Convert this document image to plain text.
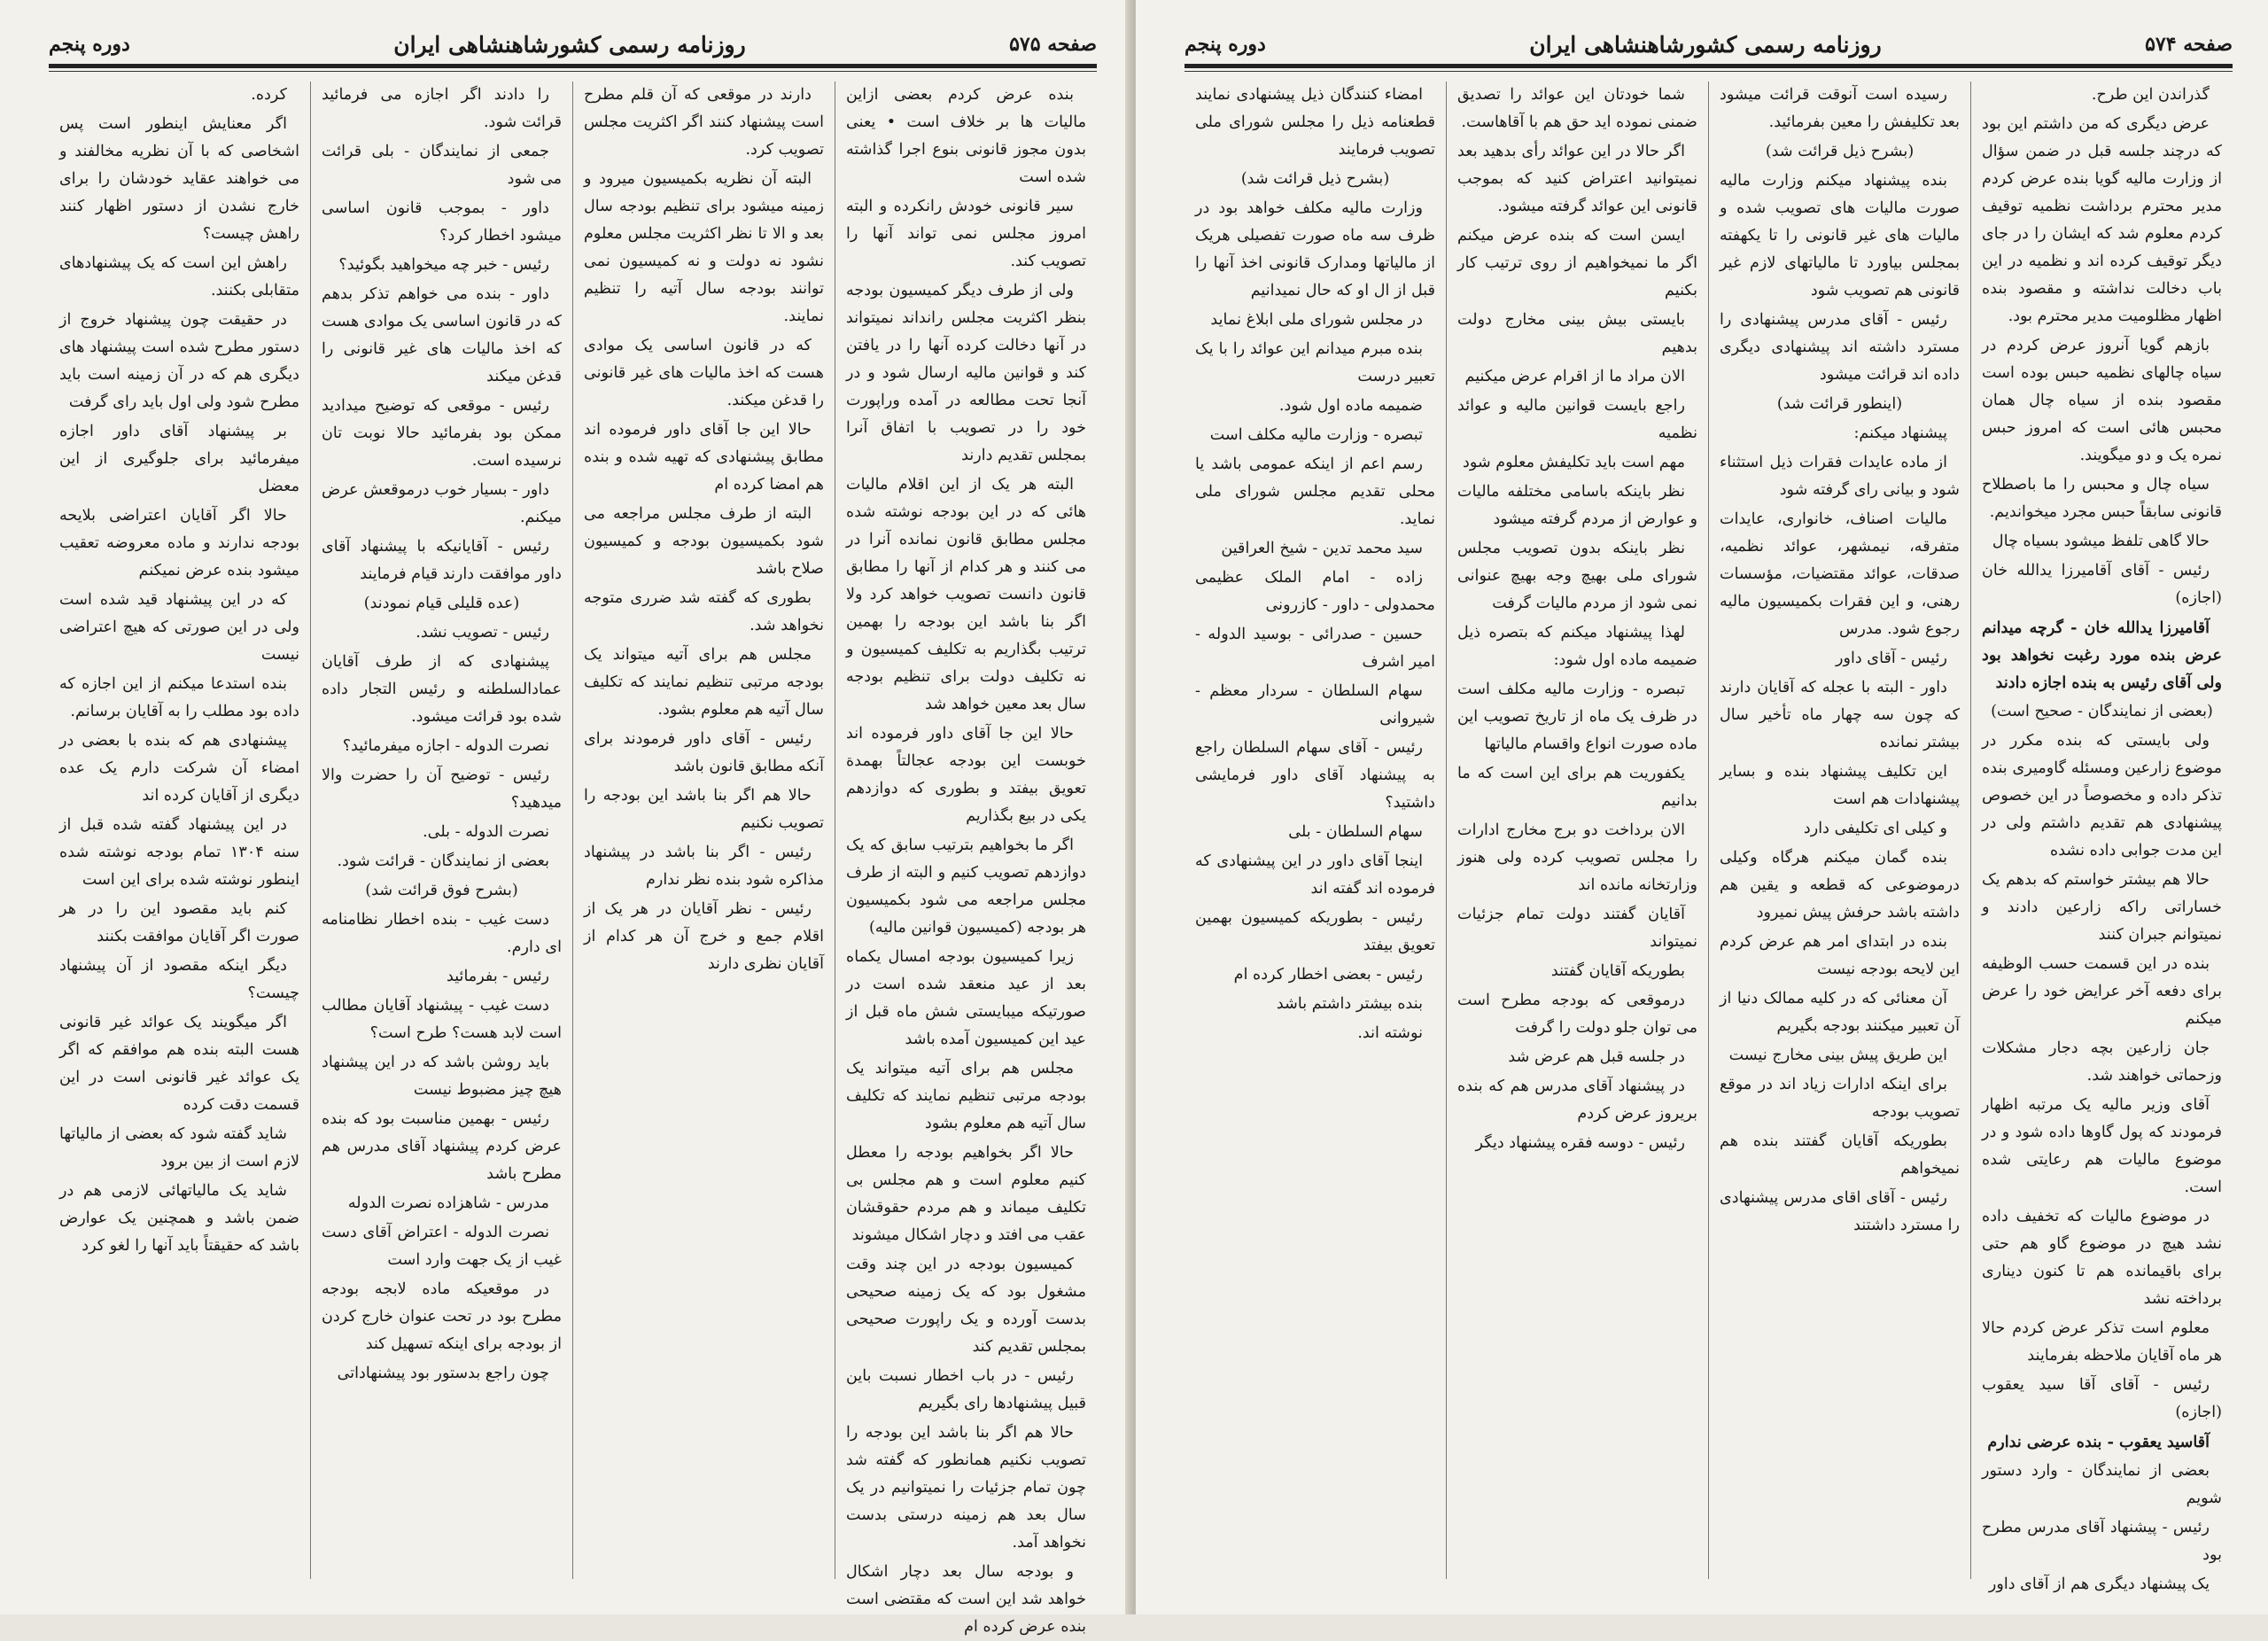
صفحه ۵۷۵
روزنامه رسمی کشورشاهنشاهی ایران
دوره پنجم

بنده عرض کردم بعضی ازاین مالیات ها بر خلاف است • یعنی بدون مجوز قانونی بنوع اجرا گذاشته شده است

سیر قانونی خودش رانکرده و البته امروز مجلس نمی تواند آنها را تصویب کند.

ولی از طرف دیگر کمیسیون بودجه بنظر اکثریت مجلس رانداند نمیتواند در آنها دخالت کرده آنها را در یافتن کند و قوانین مالیه ارسال شود و در آنجا تحت مطالعه در آمده وراپورت خود را در تصویب با اتفاق آنرا بمجلس تقدیم دارند

البته هر یک از این اقلام مالیات هائی که در این بودجه نوشته شده مجلس مطابق قانون نمانده آنرا در می کنند و هر کدام از آنها را مطابق قانون دانست تصویب خواهد کرد ولا اگر بنا باشد این بودجه را بهمین ترتیب بگذاریم به تکلیف کمیسیون و نه تکلیف دولت برای تنظیم بودجه سال بعد معین خواهد شد

حالا این جا آقای داور فرموده اند خوبست این بودجه عجالتاً بهمدة تعویق بیفتد و بطوری که دوازدهم یکی در بیع بگذاریم

اگر ما بخواهیم بترتیب سابق که یک دوازدهم تصویب کنیم و البته از طرف مجلس مراجعه می شود بکمیسیون هر بودجه (کمیسیون قوانین مالیه)

زیرا کمیسیون بودجه امسال یکماه بعد از عید منعقد شده است در صورتیکه میبایستی شش ماه قبل از عید این کمیسیون آمده باشد

مجلس هم برای آتیه میتواند یک بودجه مرتبی تنظیم نمایند که تکلیف سال آتیه هم معلوم بشود

حالا اگر بخواهیم بودجه را معطل کنیم معلوم است و هم مجلس بی تکلیف میماند و هم مردم حقوقشان عقب می افتد و دچار اشکال میشوند

کمیسیون بودجه در این چند وقت مشغول بود که یک زمینه صحیحی بدست آورده و یک راپورت صحیحی بمجلس تقدیم کند

رئیس - در باب اخطار نسبت باین قبیل پیشنهادها رای بگیریم

حالا هم اگر بنا باشد این بودجه را تصویب نکنیم همانطور که گفته شد چون تمام جزئیات را نمیتوانیم در یک سال بعد هم زمینه درستی بدست نخواهد آمد.

و بودجه سال بعد دچار اشکال خواهد شد این است که مقتضی است بنده عرض کرده ام

دارند در موقعی که آن قلم مطرح است پیشنهاد کنند اگر اکثریت مجلس تصویب کرد.

البته آن نظریه بکمیسیون میرود و زمینه میشود برای تنظیم بودجه سال بعد و الا تا نظر اکثریت مجلس معلوم نشود نه دولت و نه کمیسیون نمی توانند بودجه سال آتیه را تنظیم نمایند.

که در قانون اساسی یک موادی هست که اخذ مالیات های غیر قانونی را قدغن میکند.

حالا این جا آقای داور فرموده اند مطابق پیشنهادی که تهیه شده و بنده هم امضا کرده ام

البته از طرف مجلس مراجعه می شود بکمیسیون بودجه و کمیسیون صلاح باشد

بطوری که گفته شد ضرری متوجه نخواهد شد.

مجلس هم برای آتیه میتواند یک بودجه مرتبی تنظیم نمایند که تکلیف سال آتیه هم معلوم بشود.

رئیس - آقای داور فرمودند برای آنکه مطابق قانون باشد

حالا هم اگر بنا باشد این بودجه را تصویب نکنیم

رئیس - اگر بنا باشد در پیشنهاد مذاکره شود بنده نظر ندارم

رئیس - نظر آقایان در هر یک از اقلام جمع و خرج آن هر کدام از آقایان نظری دارند

را دادند اگر اجازه می فرمائید قرائت شود.

جمعی از نمایندگان - بلی قرائت می شود

داور - بموجب قانون اساسی میشود اخطار کرد؟

رئیس - خبر چه میخواهید بگوئید؟

داور - بنده می خواهم تذکر بدهم که در قانون اساسی یک موادی هست که اخذ مالیات های غیر قانونی را قدغن میکند

رئیس - موقعی که توضیح میدادید ممکن بود بفرمائید حالا نوبت تان نرسیده است.

داور - بسیار خوب درموقعش عرض میکنم.

رئیس - آقایانیکه با پیشنهاد آقای داور موافقت دارند قیام فرمایند

(عده قلیلی قیام نمودند)

رئیس - تصویب نشد.

پیشنهادی که از طرف آقایان عمادالسلطنه و رئیس التجار داده شده بود قرائت میشود.

نصرت الدوله - اجازه میفرمائید؟

رئیس - توضیح آن را حضرت والا میدهید؟

نصرت الدوله - بلی.

بعضی از نمایندگان - قرائت شود.

(بشرح فوق قرائت شد)

دست غیب - بنده اخطار نظامنامه ای دارم.

رئیس - بفرمائید

دست غیب - پیشنهاد آقایان مطالب است لابد هست؟ طرح است؟

باید روشن باشد که در این پیشنهاد هیچ چیز مضبوط نیست

رئیس - بهمین مناسبت بود که بنده عرض کردم پیشنهاد آقای مدرس هم مطرح باشد

مدرس - شاهزاده نصرت الدوله

نصرت الدوله - اعتراض آقای دست غیب از یک جهت وارد است

در موقعیکه ماده لابجه بودجه مطرح بود در تحت عنوان خارج کردن از بودجه برای اینکه تسهیل کند

چون راجع بدستور بود پیشنهاداتی

کرده.

اگر معنایش اینطور است پس اشخاصی که با آن نظریه مخالفند و می خواهند عقاید خودشان را برای خارج نشدن از دستور اظهار کنند راهش چیست؟

راهش این است که یک پیشنهادهای متقابلی بکنند.

در حقیقت چون پیشنهاد خروج از دستور مطرح شده است پیشنهاد های دیگری هم که در آن زمینه است باید مطرح شود ولی اول باید رای گرفت

بر پیشنهاد آقای داور اجازه میفرمائید برای جلوگیری از این معضل

حالا اگر آقایان اعتراضی بلایحه بودجه ندارند و ماده معروضه تعقیب میشود بنده عرض نمیکنم

که در این پیشنهاد قید شده است ولی در این صورتی که هیچ اعتراضی نیست

بنده استدعا میکنم از این اجازه که داده بود مطلب را به آقایان برسانم.

پیشنهادی هم که بنده با بعضی در امضاء آن شرکت دارم یک عده دیگری از آقایان کرده اند

در این پیشنهاد گفته شده قبل از سنه ۱۳۰۴ تمام بودجه نوشته شده اینطور نوشته شده برای این است

کنم باید مقصود این را در هر صورت اگر آقایان موافقت بکنند

دیگر اینکه مقصود از آن پیشنهاد چیست؟

اگر میگویند یک عوائد غیر قانونی هست البته بنده هم موافقم که اگر یک عوائد غیر قانونی است در این قسمت دقت کرده

شاید گفته شود که بعضی از مالیاتها لازم است از بین برود

شاید یک مالیاتهائی لازمی هم در ضمن باشد و همچنین یک عوارض باشد که حقیقتاً باید آنها را لغو کرد

صفحه ۵۷۴
روزنامه رسمی کشورشاهنشاهی ایران
دوره پنجم

گذراندن این طرح.

عرض دیگری که من داشتم این بود که درچند جلسه قبل در ضمن سؤال از وزارت مالیه گویا بنده عرض کردم مدیر محترم برداشت نظمیه توقیف کردم معلوم شد که ایشان را در جای دیگر توقیف کرده اند و نظمیه در این باب دخالت نداشته و مقصود بنده اظهار مظلومیت مدیر محترم بود.

بازهم گویا آنروز عرض کردم در سیاه چالهای نظمیه حبس بوده است مقصود بنده از سیاه چال همان محبس هائی است که امروز حبس نمره یک و دو میگویند.

سیاه چال و محبس را ما باصطلاح قانونی سابقاً حبس مجرد میخواندیم.

حالا گاهی تلفظ میشود بسیاه چال

رئیس - آقای آقامیرزا یدالله خان (اجازه)

آقامیرزا یدالله خان - گرچه میدانم عرض بنده مورد رغبت نخواهد بود ولی آقای رئیس به بنده اجازه دادند

(بعضی از نمایندگان - صحیح است)

ولی بایستی که بنده مکرر در موضوع زارعین ومسئله گاومیری بنده تذکر داده و مخصوصاً در این خصوص پیشنهادی هم تقدیم داشتم ولی در این مدت جوابی داده نشده

حالا هم بیشتر خواستم که بدهم یک خساراتی راکه زارعین دادند و نمیتوانم جبران کنند

بنده در این قسمت حسب الوظیفه برای دفعه آخر عرایض خود را عرض میکنم

جان زارعین بچه دجار مشکلات وزحماتی خواهند شد.

آقای وزیر مالیه یک مرتبه اظهار فرمودند که پول گاوها داده شود و در موضوع مالیات هم رعایتی شده است.

در موضوع مالیات که تخفیف داده نشد هیچ در موضوع گاو هم حتی برای باقیمانده هم تا کنون دیناری برداخته نشد

معلوم است تذکر عرض کردم حالا هر ماه آقایان ملاحظه بفرمایند

رئیس - آقای آقا سید یعقوب (اجازه)

آقاسید یعقوب - بنده عرضی ندارم

بعضی از نمایندگان - وارد دستور شویم

رئیس - پیشنهاد آقای مدرس مطرح بود

یک پیشنهاد دیگری هم از آقای داور

رسیده است آنوقت قرائت میشود بعد تکلیفش را معین بفرمائید.

(بشرح ذیل قرائت شد)

بنده پیشنهاد میکنم وزارت مالیه صورت مالیات های تصویب شده و مالیات های غیر قانونی را تا یکهفته بمجلس بیاورد تا مالیاتهای لازم غیر قانونی هم تصویب شود

رئیس - آقای مدرس پیشنهادی را مسترد داشته اند پیشنهادی دیگری داده اند قرائت میشود

(اینطور قرائت شد)

پیشنهاد میکنم:

از ماده عایدات فقرات ذیل استثناء شود و بیانی رای گرفته شود

مالیات اصناف، خانواری، عایدات متفرقه، نیمشهر، عوائد نظمیه، صدقات، عوائد مقتضیات، مؤسسات رهنی، و این فقرات بکمیسیون مالیه رجوع شود. مدرس

رئیس - آقای داور

داور - البته با عجله که آقایان دارند که چون سه چهار ماه تأخیر سال بیشتر نمانده

این تکلیف پیشنهاد بنده و بسایر پیشنهادات هم است

و کیلی ای تکلیفی دارد

بنده گمان میکنم هرگاه وکیلی درموضوعی که قطعه و یقین هم داشته باشد حرفش پیش نمیرود

بنده در ابتدای امر هم عرض کردم این لایحه بودجه نیست

آن معنائی که در کلیه ممالک دنیا از آن تعبیر میکنند بودجه بگیریم

این طریق پیش بینی مخارج نیست

برای اینکه ادارات زیاد اند در موقع تصویب بودجه

بطوریکه آقایان گفتند بنده هم نمیخواهم

رئیس - آقای اقای مدرس پیشنهادی را مسترد داشتند

شما خودتان این عوائد را تصدیق ضمنی نموده اید حق هم با آقاهاست.

اگر حالا در این عوائد رأی بدهید بعد نمیتوانید اعتراض کنید که بموجب قانونی این عوائد گرفته میشود.

ایسن است که بنده عرض میکنم اگر ما نمیخواهیم از روی ترتیب کار بکنیم

بایستی بیش بینی مخارج دولت بدهیم

الان مراد ما از اقرام عرض میکنیم

راجع بایست قوانین مالیه و عوائد نظمیه

مهم است باید تکلیفش معلوم شود

نظر باینکه باسامی مختلفه مالیات و عوارض از مردم گرفته میشود

نظر باینکه بدون تصویب مجلس شورای ملی بهیچ وجه بهیچ عنوانی نمی شود از مردم مالیات گرفت

لهذا پیشنهاد میکنم که بتصره ذیل ضمیمه ماده اول شود:

تبصره - وزارت مالیه مکلف است در ظرف یک ماه از تاریخ تصویب این ماده صورت انواع واقسام مالیاتها

یکفوریت هم برای این است که ما بدانیم

الان برداخت دو برج مخارج ادارات را مجلس تصویب کرده ولی هنوز وزارتخانه مانده اند

آقایان گفتند دولت تمام جزئیات نمیتواند

بطوریکه آقایان گفتند

درموقعی که بودجه مطرح است می توان جلو دولت را گرفت

در جلسه قبل هم عرض شد

در پیشنهاد آقای مدرس هم که بنده بریروز عرض کردم

رئیس - دوسه فقره پیشنهاد دیگر

امضاء کنندگان ذیل پیشنهادی نمایند قطعنامه ذیل را مجلس شورای ملی تصویب فرمایند

(بشرح ذیل قرائت شد)

وزارت مالیه مکلف خواهد بود در ظرف سه ماه صورت تفصیلی هریک از مالیاتها ومدارک قانونی اخذ آنها را قبل از ال او که حال نمیدانیم

در مجلس شورای ملی ابلاغ نماید

بنده مبرم میدانم این عوائد را با یک تعبیر درست

ضمیمه ماده اول شود.

تبصره - وزارت مالیه مکلف است

رسم اعم از اینکه عمومی باشد یا محلی تقدیم مجلس شورای ملی نماید.

سید محمد تدین - شیخ العراقین

زاده - امام الملک عظیمی محمدولی - داور - کازرونی

حسین - صدرائی - بوسید الدوله - امیر اشرف

سهام السلطان - سردار معظم - شیروانی

رئیس - آقای سهام السلطان راجع به پیشنهاد آقای داور فرمایشی داشتید؟

سهام السلطان - بلی

اینجا آقای داور در این پیشنهادی که فرموده اند گفته اند

رئیس - بطوریکه کمیسیون بهمین تعویق بیفتد

رئیس - بعضی اخطار کرده ام

بنده بیشتر داشتم باشد

نوشته اند.
